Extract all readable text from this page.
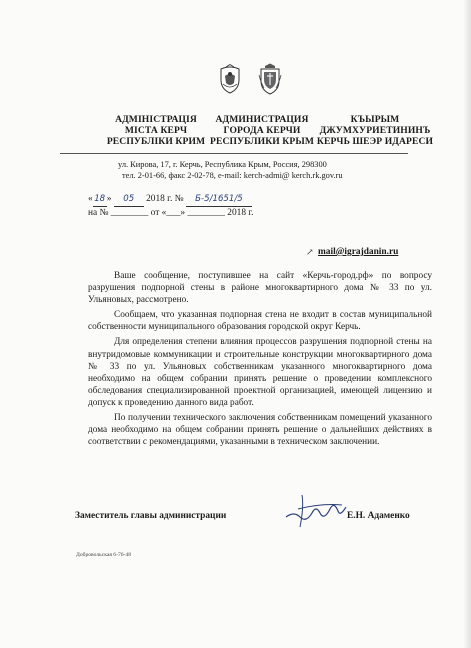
АДМІНІСТРАЦІЯ
МІСТА КЕРЧ
РЕСПУБЛІКИ КРИМ
АДМИНИСТРАЦИЯ
ГОРОДА КЕРЧИ
РЕСПУБЛИКИ КРЫМ
КЪЫРЫМ
ДЖУМХУРИЕТИНИНЪ
КЕРЧЬ ШЕЭР ИДАРЕСИ
ул. Кирова, 17, г. Керчь, Республика Крым, Россия, 298300
тел. 2-01-66, факс 2-02-78, e-mail: kerch-admi@ kerch.rk.gov.ru
« 18 » 05 2018 г. № Б-5/1651/5
на № ________ от «___» ________ 2018 г.
↗ mail@igrajdanin.ru

Ваше сообщение, поступившее на сайт «Керчь-город.рф» по вопросу разрушения подпорной стены в районе многоквартирного дома № 33 по ул. Ульяновых, рассмотрено.

Сообщаем, что указанная подпорная стена не входит в состав муниципальной собственности муниципального образования городской округ Керчь.

Для определения степени влияния процессов разрушения подпорной стены на внутридомовые коммуникации и строительные конструкции многоквартирного дома № 33 по ул. Ульяновых собственникам указанного многоквартирного дома необходимо на общем собрании принять решение о проведении комплексного обследования специализированной проектной организацией, имеющей лицензию и допуск к проведению данного вида работ.

По получении технического заключения собственникам помещений указанного дома необходимо на общем собрании принять решение о дальнейших действиях в соответствии с рекомендациями, указанными в техническом заключении.

Заместитель главы администрации	Е.Н. Адаменко
Добровольская 6-76-48
